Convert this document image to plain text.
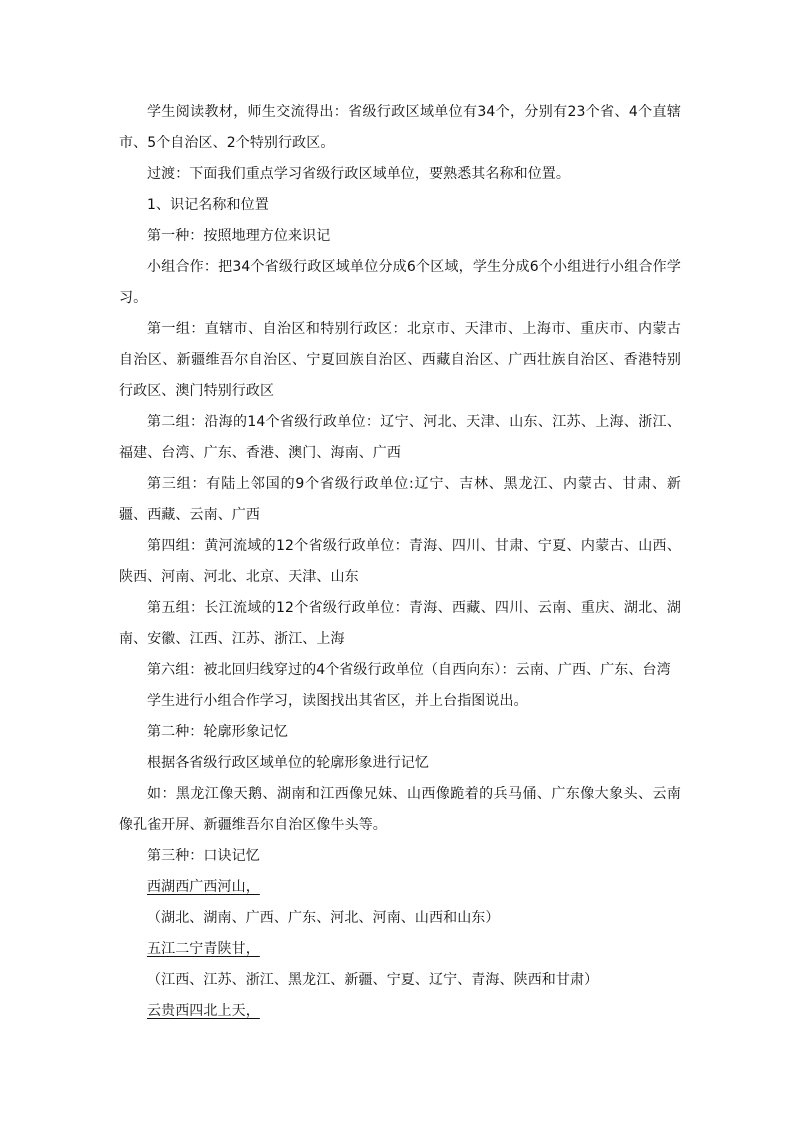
学生阅读教材，师生交流得出：省级行政区域单位有34个，分别有23个省、4个直辖市、5个自治区、2个特别行政区。

过渡：下面我们重点学习省级行政区域单位，要熟悉其名称和位置。

1、识记名称和位置

第一种：按照地理方位来识记

小组合作：把34个省级行政区域单位分成6个区域，学生分成6个小组进行小组合作学习。

第一组：直辖市、自治区和特别行政区：北京市、天津市、上海市、重庆市、内蒙古自治区、新疆维吾尔自治区、宁夏回族自治区、西藏自治区、广西壮族自治区、香港特别行政区、澳门特别行政区

第二组：沿海的14个省级行政单位：辽宁、河北、天津、山东、江苏、上海、浙江、福建、台湾、广东、香港、澳门、海南、广西

第三组：有陆上邻国的9个省级行政单位:辽宁、吉林、黑龙江、内蒙古、甘肃、新疆、西藏、云南、广西

第四组：黄河流域的12个省级行政单位：青海、四川、甘肃、宁夏、内蒙古、山西、陕西、河南、河北、北京、天津、山东

第五组：长江流域的12个省级行政单位：青海、西藏、四川、云南、重庆、湖北、湖南、安徽、江西、江苏、浙江、上海

第六组：被北回归线穿过的4个省级行政单位（自西向东）：云南、广西、广东、台湾

学生进行小组合作学习，读图找出其省区，并上台指图说出。

第二种：轮廓形象记忆

根据各省级行政区域单位的轮廓形象进行记忆

如：黑龙江像天鹅、湖南和江西像兄妹、山西像跪着的兵马俑、广东像大象头、云南像孔雀开屏、新疆维吾尔自治区像牛头等。

第三种：口诀记忆

西湖西广西河山，

（湖北、湖南、广西、广东、河北、河南、山西和山东）

五江二宁青陕甘，

（江西、江苏、浙江、黑龙江、新疆、宁夏、辽宁、青海、陕西和甘肃）

云贵西四北上天，
